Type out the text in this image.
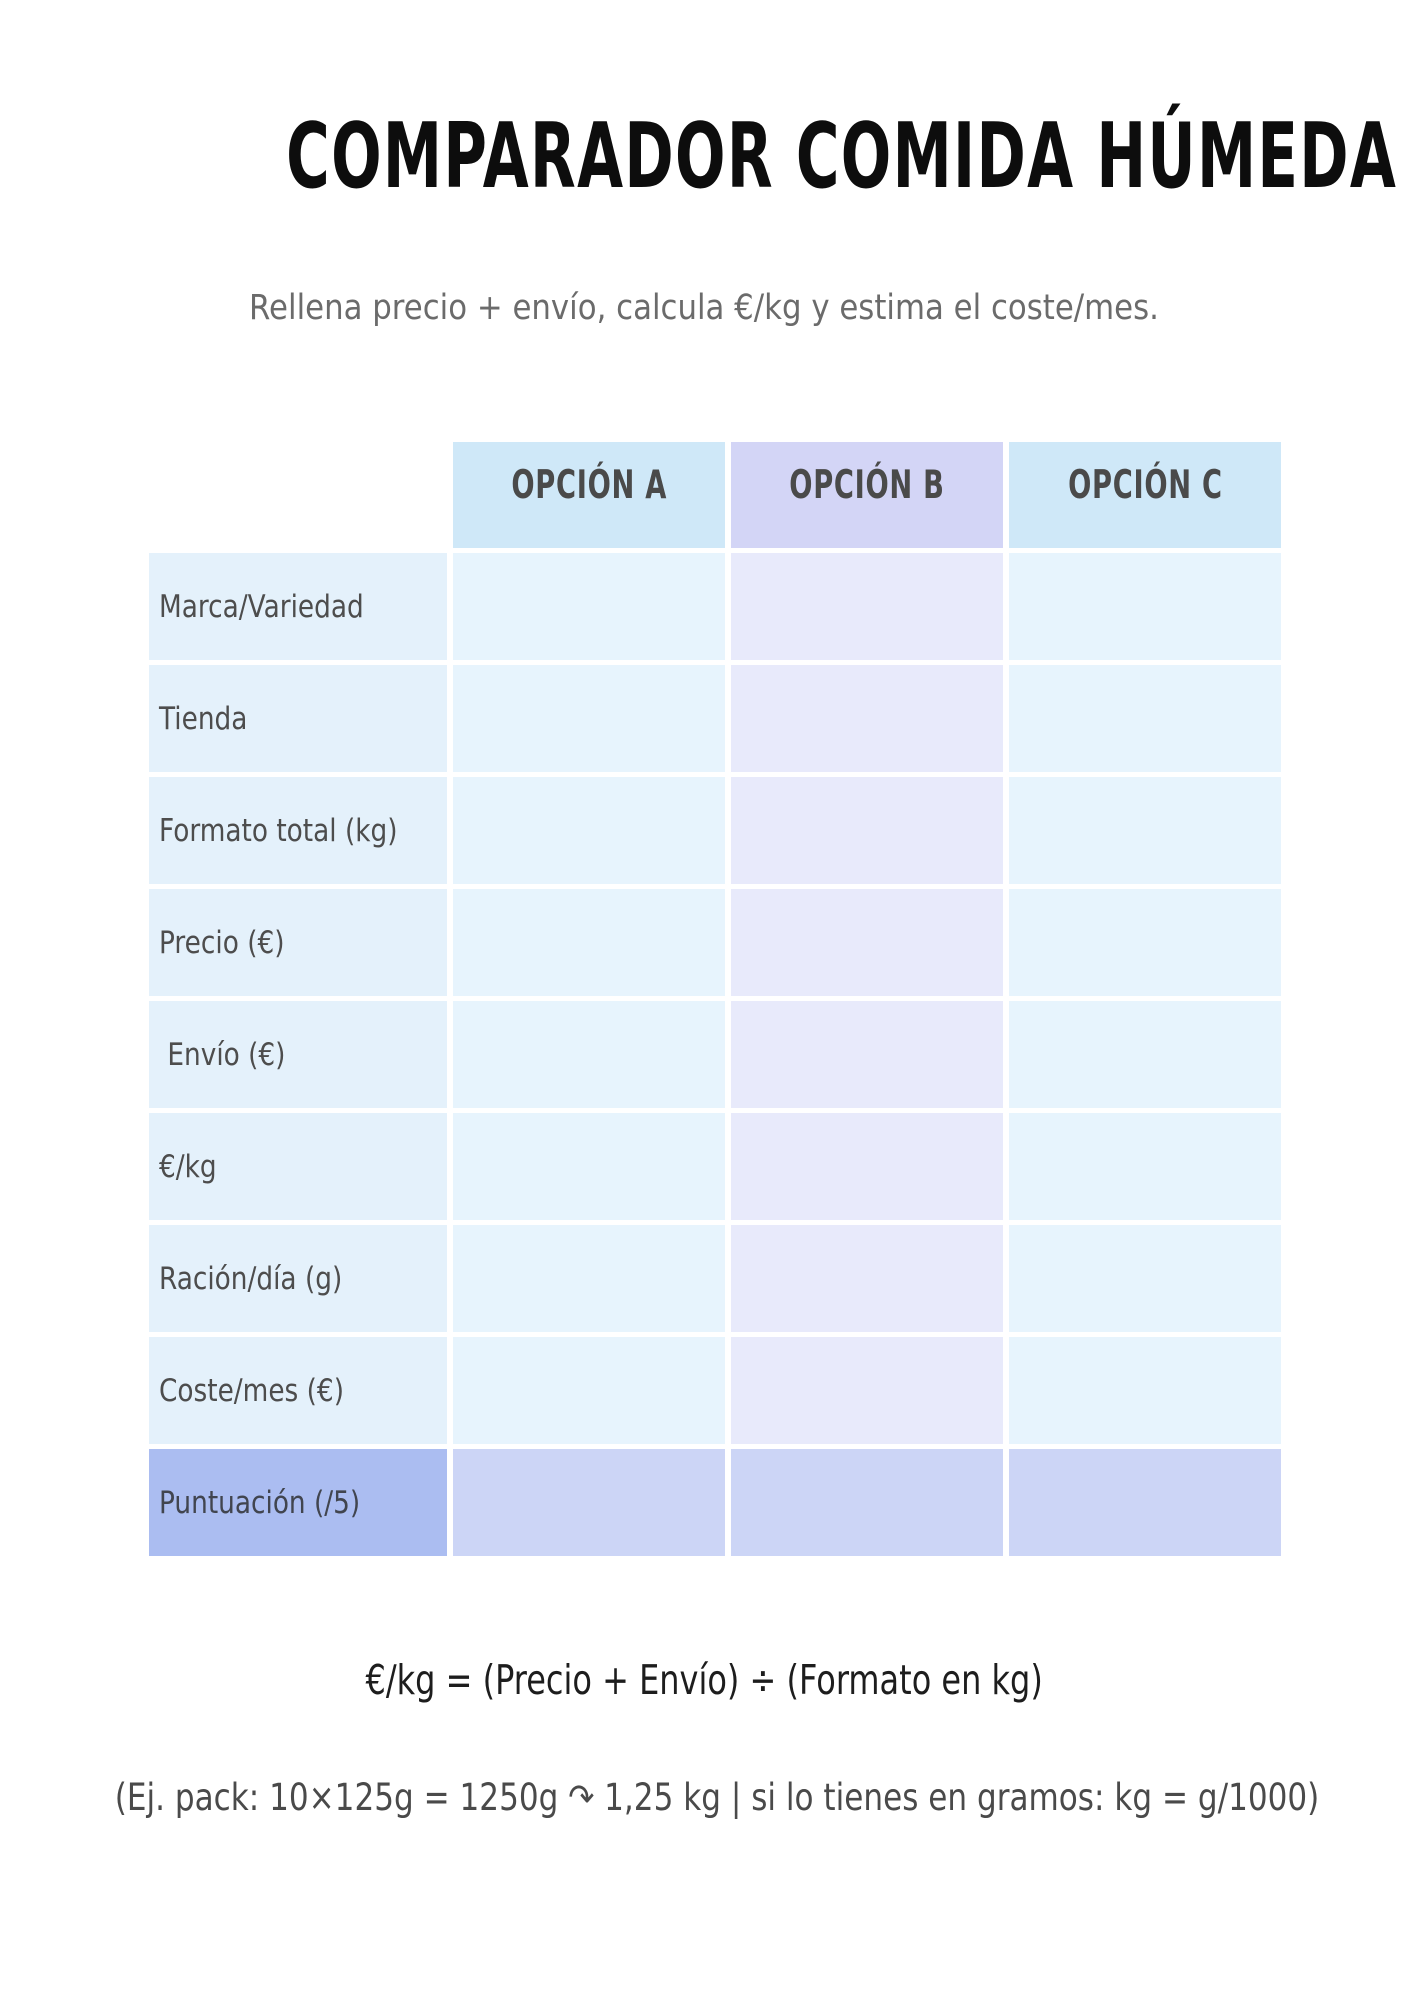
COMPARADOR COMIDA HÚMEDA

Rellena precio + envío, calcula €/kg y estima el coste/mes.

OPCIÓN A	OPCIÓN B	OPCIÓN C
Marca/Variedad
Tienda
Formato total (kg)
Precio (€)
Envío (€)
€/kg
Ración/día (g)
Coste/mes (€)
Puntuación (/5)

€/kg = (Precio + Envío) ÷ (Formato en kg)

(Ej. pack: 10×125g = 1250g ↷ 1,25 kg | si lo tienes en gramos: kg = g/1000)
